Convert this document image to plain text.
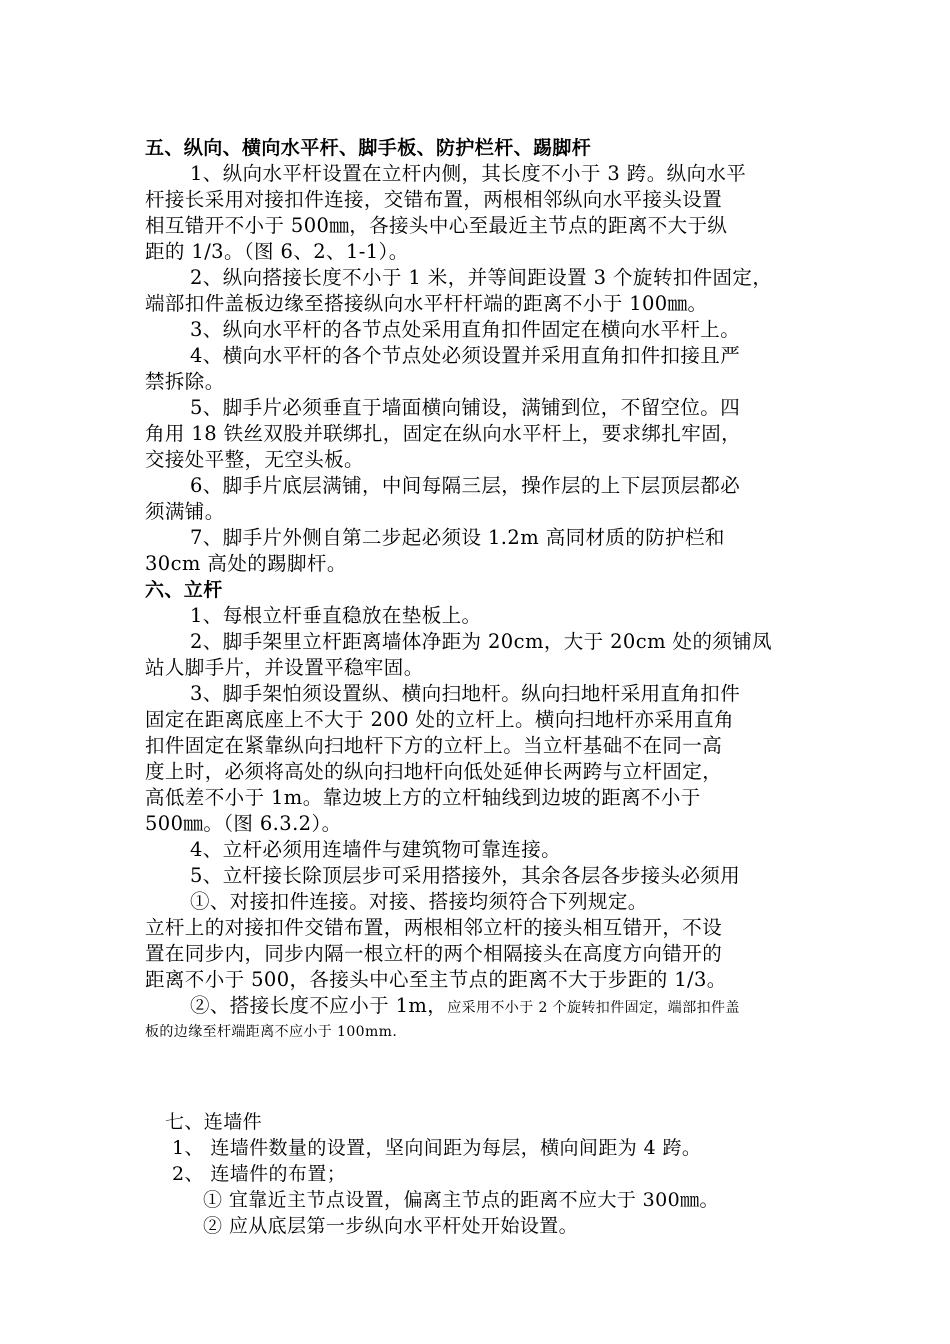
五、纵向、横向水平杆、脚手板、防护栏杆、踢脚杆
1、纵向水平杆设置在立杆内侧，其长度不小于 3 跨。纵向水平
杆接长采用对接扣件连接，交错布置，两根相邻纵向水平接头设置
相互错开不小于 500㎜，各接头中心至最近主节点的距离不大于纵
距的 1/3。（图 6、2、1-1）。
2、纵向搭接长度不小于 1 米，并等间距设置 3 个旋转扣件固定，
端部扣件盖板边缘至搭接纵向水平杆杆端的距离不小于 100㎜。
3、纵向水平杆的各节点处采用直角扣件固定在横向水平杆上。
4、横向水平杆的各个节点处必须设置并采用直角扣件扣接且严
禁拆除。
5、脚手片必须垂直于墙面横向铺设，满铺到位，不留空位。四
角用 18 铁丝双股并联绑扎，固定在纵向水平杆上，要求绑扎牢固，
交接处平整，无空头板。
6、脚手片底层满铺，中间每隔三层，操作层的上下层顶层都必
须满铺。
7、脚手片外侧自第二步起必须设 1.2m 高同材质的防护栏和
30cm 高处的踢脚杆。
六、立杆
1、每根立杆垂直稳放在垫板上。
2、脚手架里立杆距离墙体净距为 20cm，大于 20cm 处的须铺凤
站人脚手片，并设置平稳牢固。
3、脚手架怕须设置纵、横向扫地杆。纵向扫地杆采用直角扣件
固定在距离底座上不大于 200 处的立杆上。横向扫地杆亦采用直角
扣件固定在紧靠纵向扫地杆下方的立杆上。当立杆基础不在同一高
度上时，必须将高处的纵向扫地杆向低处延伸长两跨与立杆固定，
高低差不小于 1m。靠边坡上方的立杆轴线到边坡的距离不小于
500㎜。（图 6.3.2）。
4、立杆必须用连墙件与建筑物可靠连接。
5、立杆接长除顶层步可采用搭接外，其余各层各步接头必须用
①、对接扣件连接。对接、搭接均须符合下列规定。
立杆上的对接扣件交错布置，两根相邻立杆的接头相互错开，不设
置在同步内，同步内隔一根立杆的两个相隔接头在高度方向错开的
距离不小于 500，各接头中心至主节点的距离不大于步距的 1/3。
②、搭接长度不应小于 1m，应采用不小于 2 个旋转扣件固定，端部扣件盖
板的边缘至杆端距离不应小于 100mm.
七、连墙件
1、 连墙件数量的设置，坚向间距为每层，横向间距为 4 跨。
2、 连墙件的布置；
① 宜靠近主节点设置，偏离主节点的距离不应大于 300㎜。
② 应从底层第一步纵向水平杆处开始设置。
